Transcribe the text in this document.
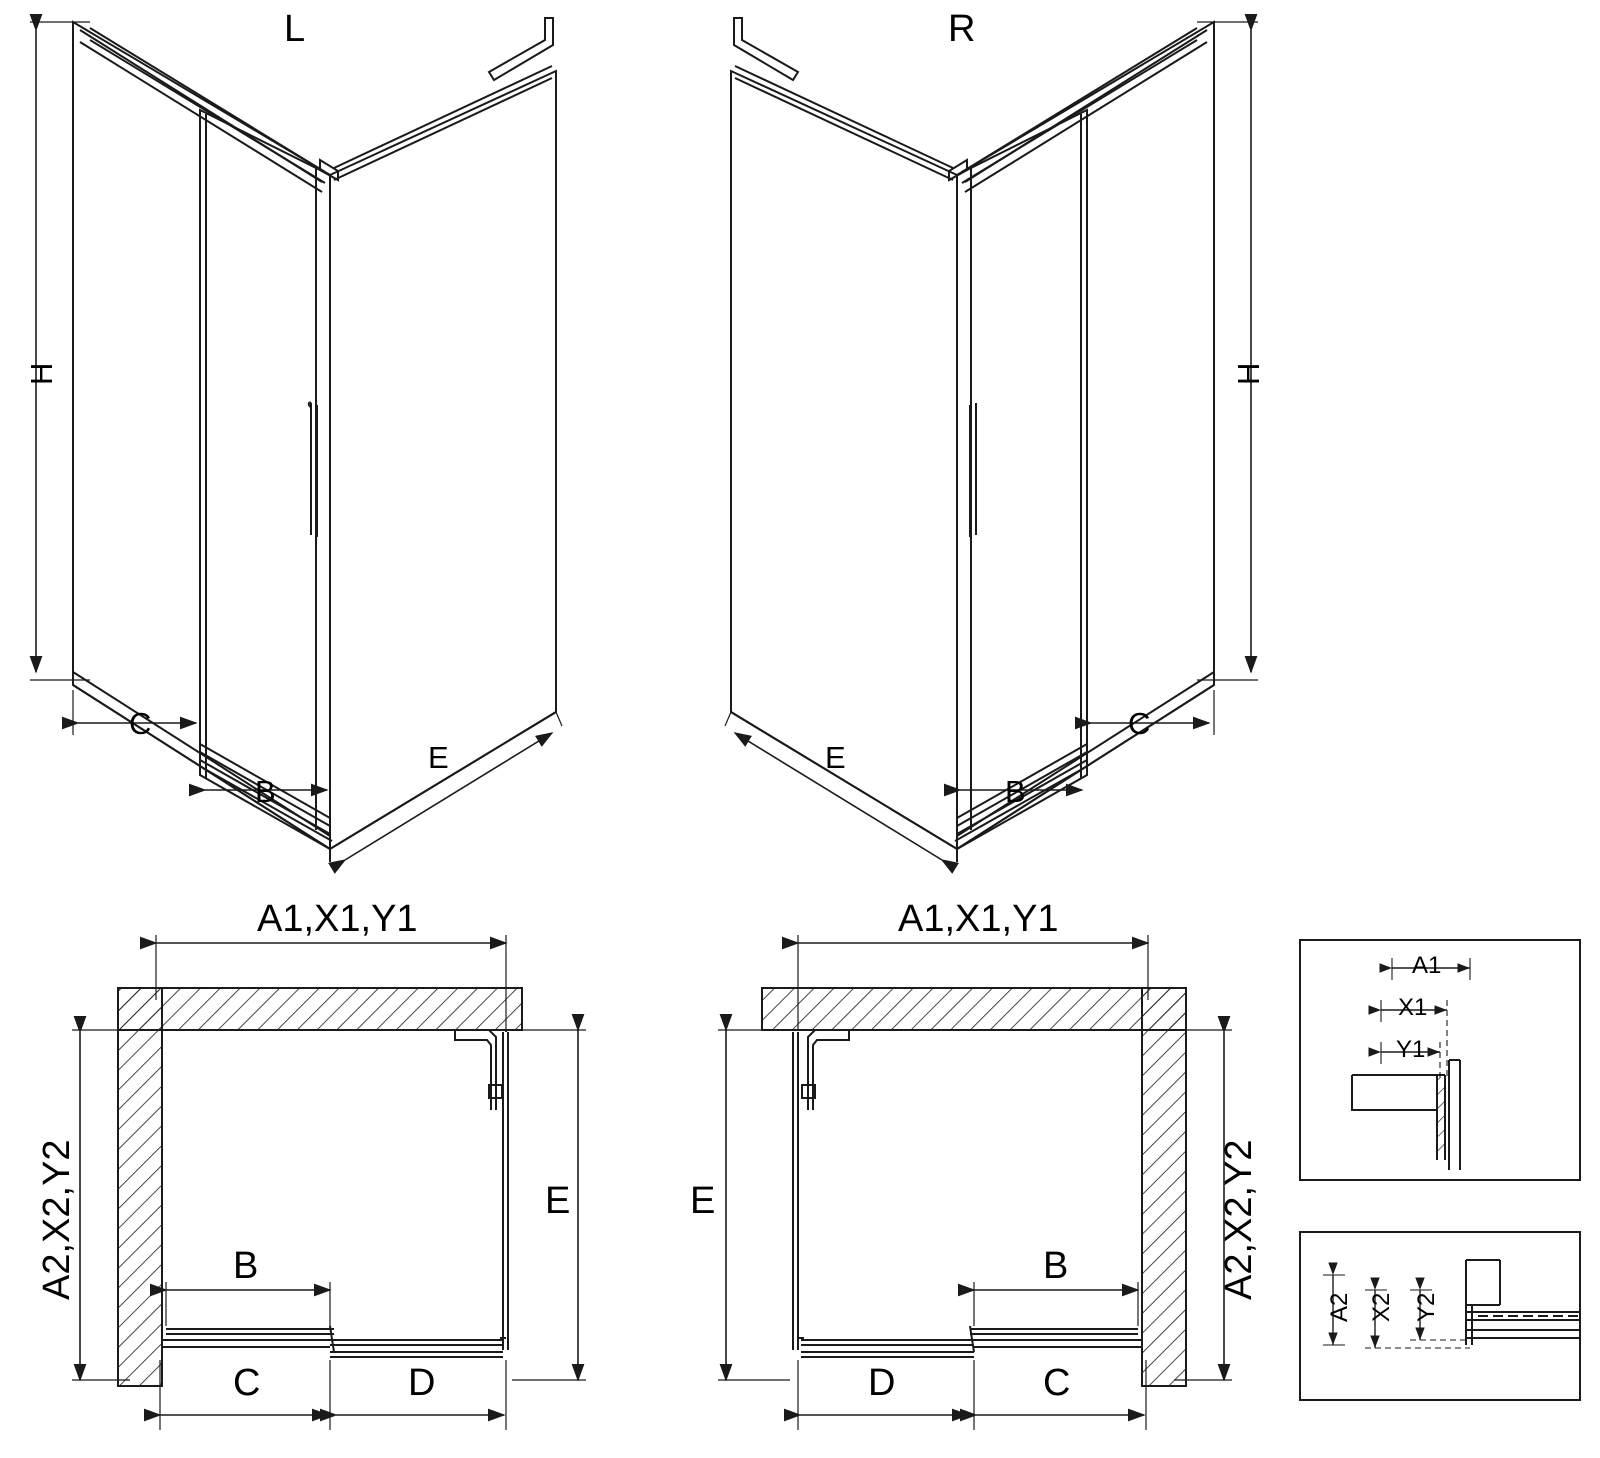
L	R
H
C
B
E
H
E
B
C
A1,X1,Y1
A2,X2,Y2	E
B
C	D
A1,X1,Y1
A2,X2,Y2
E
B
D	C
A1
X1
Y1
A2 X2 Y2
